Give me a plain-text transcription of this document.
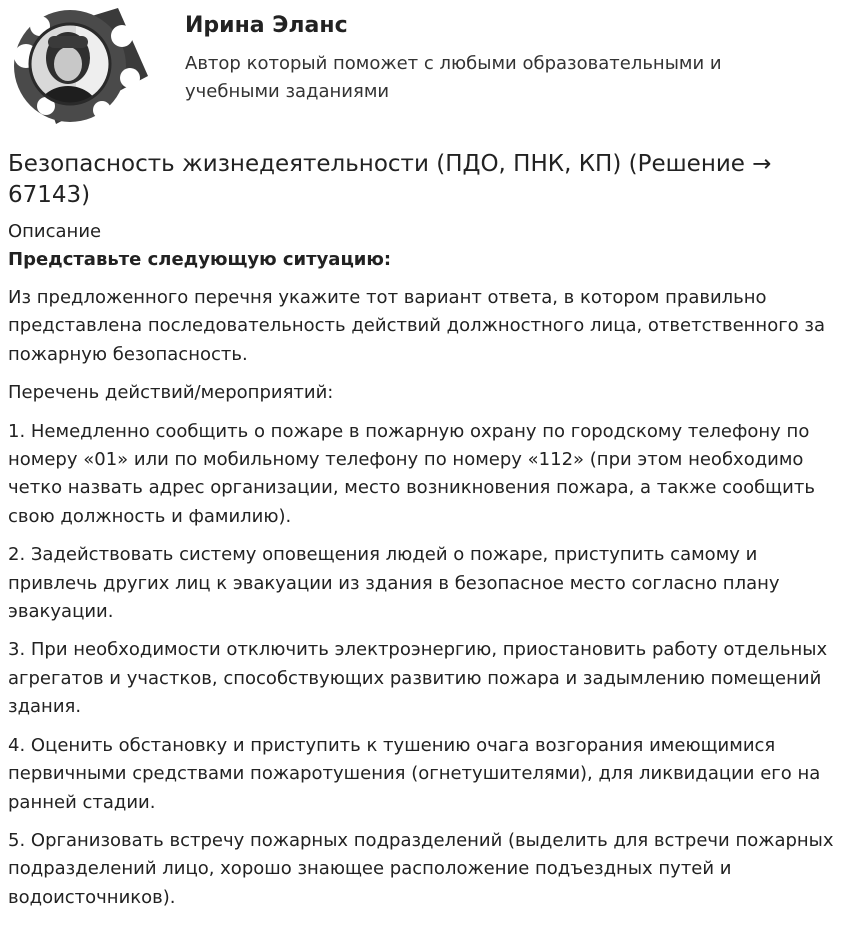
Ирина Эланс

Автор который поможет с любыми образовательными и учебными заданиями

Безопасность жизнедеятельности (ПДО, ПНК, КП) (Решение → 67143)
Описание
Представьте следующую ситуацию:

Из предложенного перечня укажите тот вариант ответа, в котором правильно представлена последовательность действий должностного лица, ответственного за пожарную безопасность.

Перечень действий/мероприятий:

1. Немедленно сообщить о пожаре в пожарную охрану по городскому телефону по номеру «01» или по мобильному телефону по номеру «112» (при этом необходимо четко назвать адрес организации, место возникновения пожара, а также сообщить свою должность и фамилию).

2. Задействовать систему оповещения людей о пожаре, приступить самому и привлечь других лиц к эвакуации из здания в безопасное место согласно плану эвакуации.

3. При необходимости отключить электроэнергию, приостановить работу отдельных агрегатов и участков, способствующих развитию пожара и задымлению помещений здания.

4. Оценить обстановку и приступить к тушению очага возгорания имеющимися первичными средствами пожаротушения (огнетушителями), для ликвидации его на ранней стадии.

5. Организовать встречу пожарных подразделений (выделить для встречи пожарных подразделений лицо, хорошо знающее расположение подъездных путей и водоисточников).
